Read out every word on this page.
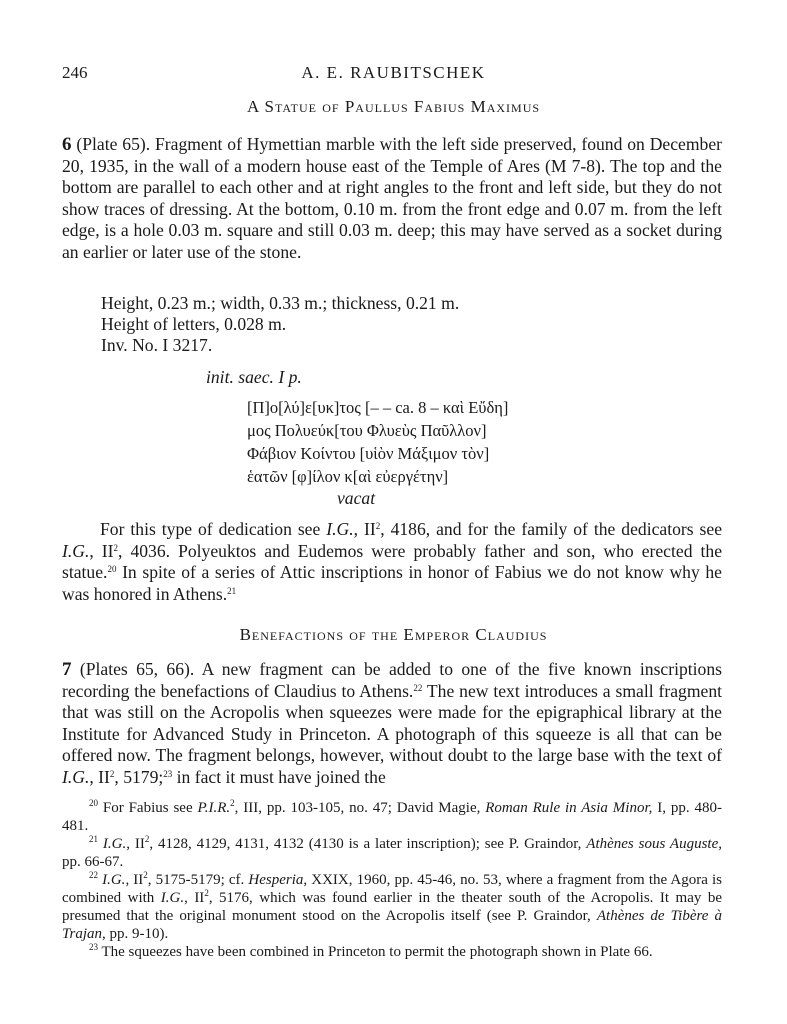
246	A. E. RAUBITSCHEK
A Statue of Paullus Fabius Maximus

6 (Plate 65). Fragment of Hymettian marble with the left side preserved, found on December 20, 1935, in the wall of a modern house east of the Temple of Ares (M 7-8). The top and the bottom are parallel to each other and at right angles to the front and left side, but they do not show traces of dressing. At the bottom, 0.10 m. from the front edge and 0.07 m. from the left edge, is a hole 0.03 m. square and still 0.03 m. deep; this may have served as a socket during an earlier or later use of the stone.

Height, 0.23 m.; width, 0.33 m.; thickness, 0.21 m.

Height of letters, 0.028 m.

Inv. No. I 3217.

init. saec. I p.
[Π]ο[λύ]ε[υκ]τος [– – ca. 8 – καὶ Εὔδη]
μος Πολυεύκ[του Φλυεὺς Παῦλλον]
Φάβιον Κοίντου [υἱὸν Μάξιμον τὸν]
ἑατῶν [φ]ίλον κ[αὶ εὐεργέτην]
vacat

For this type of dedication see I.G., $II^2$, 4186, and for the family of the dedicators see I.G., $II^2$, 4036. Polyeuktos and Eudemos were probably father and son, who erected the statue.$^{20}$ In spite of a series of Attic inscriptions in honor of Fabius we do not know why he was honored in Athens.$^{21}$

Benefactions of the Emperor Claudius

7 (Plates 65, 66). A new fragment can be added to one of the five known inscriptions recording the benefactions of Claudius to Athens.$^{22}$ The new text introduces a small fragment that was still on the Acropolis when squeezes were made for the epigraphical library at the Institute for Advanced Study in Princeton. A photograph of this squeeze is all that can be offered now. The fragment belongs, however, without doubt to the large base with the text of I.G., $II^2$, 5179;$^{23}$ in fact it must have joined the

$^{20}$ For Fabius see P.I.R.$^2$, III, pp. 103-105, no. 47; David Magie, Roman Rule in Asia Minor, I, pp. 480-481.

$^{21}$ I.G., $II^2$, 4128, 4129, 4131, 4132 (4130 is a later inscription); see P. Graindor, Athènes sous Auguste, pp. 66-67.

$^{22}$ I.G., $II^2$, 5175-5179; cf. Hesperia, XXIX, 1960, pp. 45-46, no. 53, where a fragment from the Agora is combined with I.G., $II^2$, 5176, which was found earlier in the theater south of the Acropolis. It may be presumed that the original monument stood on the Acropolis itself (see P. Graindor, Athènes de Tibère à Trajan, pp. 9-10).

$^{23}$ The squeezes have been combined in Princeton to permit the photograph shown in Plate 66.
